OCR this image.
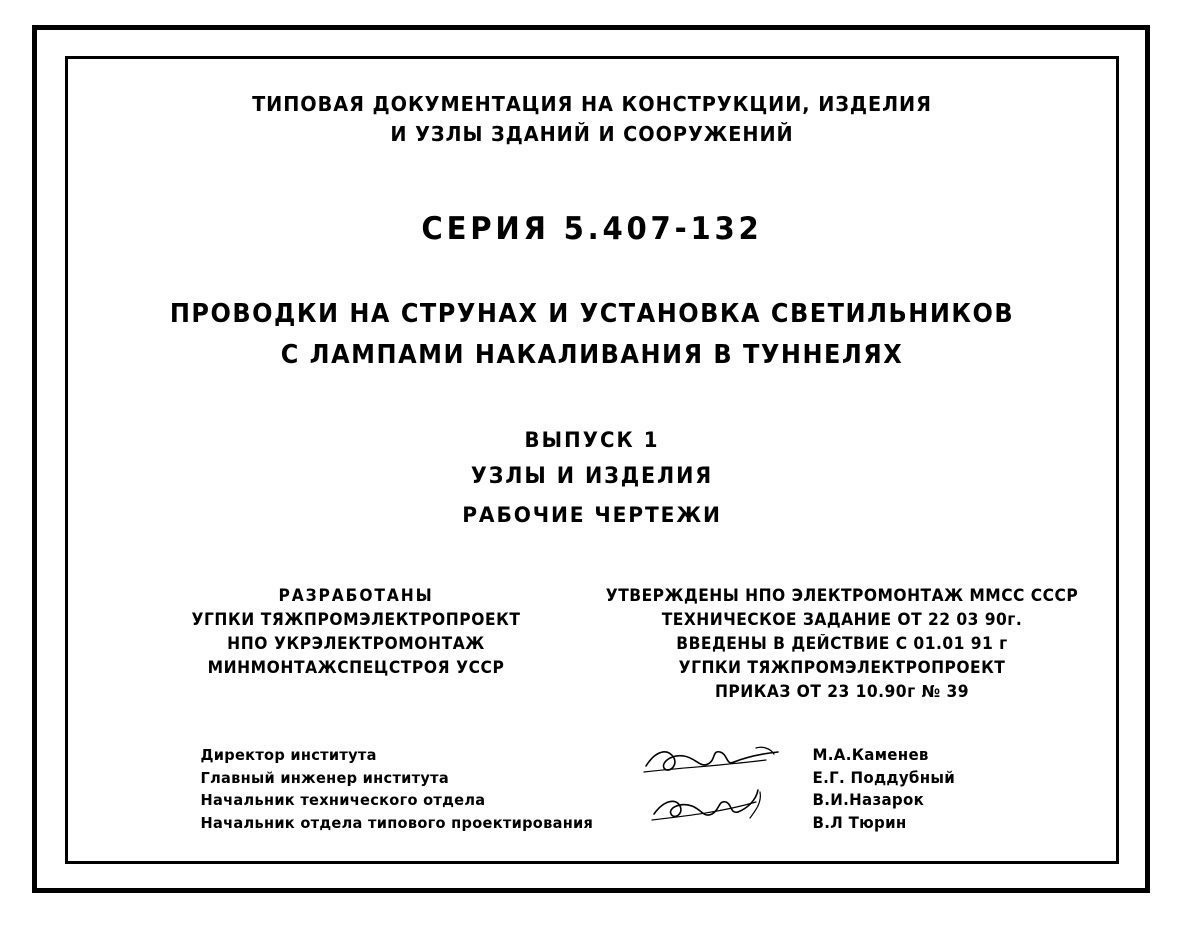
ТИПОВАЯ ДОКУМЕНТАЦИЯ НА КОНСТРУКЦИИ, ИЗДЕЛИЯ
И УЗЛЫ ЗДАНИЙ И СООРУЖЕНИЙ
СЕРИЯ 5.407-132
ПРОВОДКИ НА СТРУНАХ И УСТАНОВКА СВЕТИЛЬНИКОВ
С ЛАМПАМИ НАКАЛИВАНИЯ В ТУННЕЛЯХ
ВЫПУСК 1
УЗЛЫ И ИЗДЕЛИЯ
РАБОЧИЕ ЧЕРТЕЖИ
РАЗРАБОТАНЫ
УГПКИ ТЯЖПРОМЭЛЕКТРОПРОЕКТ
НПО УКРЭЛЕКТРОМОНТАЖ
МИНМОНТАЖСПЕЦСТРОЯ УССР
УТВЕРЖДЕНЫ НПО ЭЛЕКТРОМОНТАЖ ММСС СССР
ТЕХНИЧЕСКОЕ ЗАДАНИЕ ОТ 22 03 90г.
ВВЕДЕНЫ В ДЕЙСТВИЕ С 01.01 91 г
УГПКИ ТЯЖПРОМЭЛЕКТРОПРОЕКТ
ПРИКАЗ ОТ 23 10.90г № 39
Директор института
Главный инженер института
Начальник технического отдела
Начальник отдела типового проектирования
М.А.Каменев
Е.Г. Поддубный
В.И.Назарок
В.Л Тюрин
